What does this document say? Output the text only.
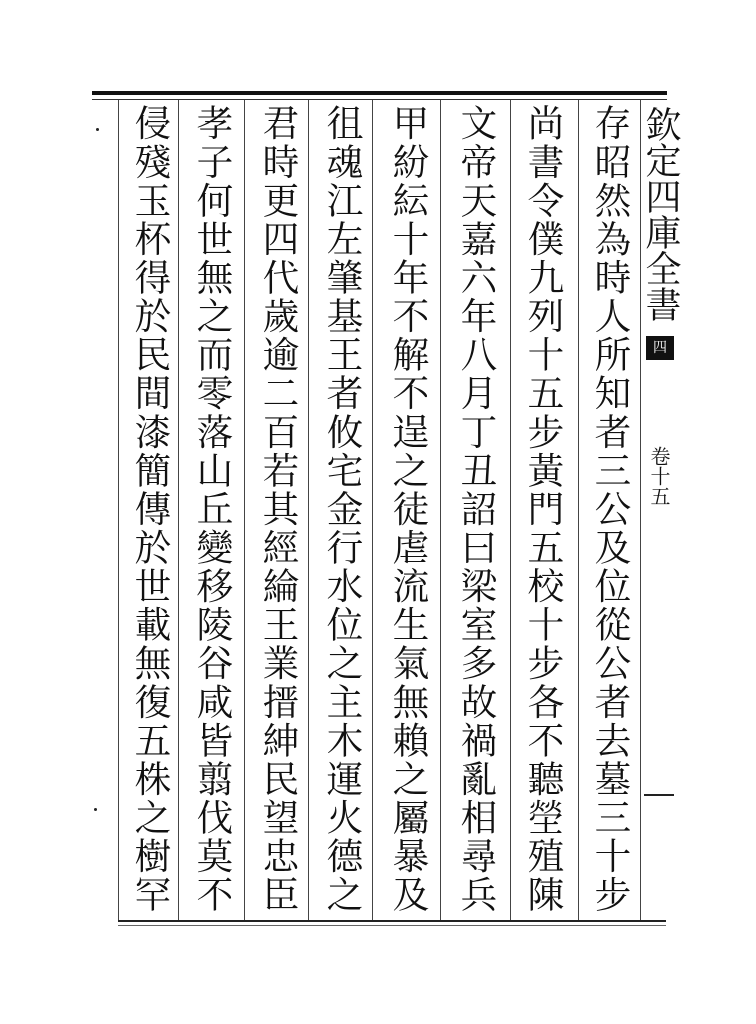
存昭然為時人所知者三公及位從公者去墓三十步
尚書令僕九列十五步黃門五校十步各不聽塋殖陳
文帝天嘉六年八月丁丑詔曰梁室多故禍亂相尋兵
甲紛紜十年不解不逞之徒虐流生氣無賴之屬暴及
徂魂江左肇基王者攸宅金行水位之主木運火德之
君時更四代歲逾二百若其經綸王業搢紳民望忠臣
孝子何世無之而零落山丘變移陵谷咸皆翦伐莫不
侵殘玉杯得於民間漆簡傳於世載無復五株之樹罕	欽定四庫全書
四
卷十五
